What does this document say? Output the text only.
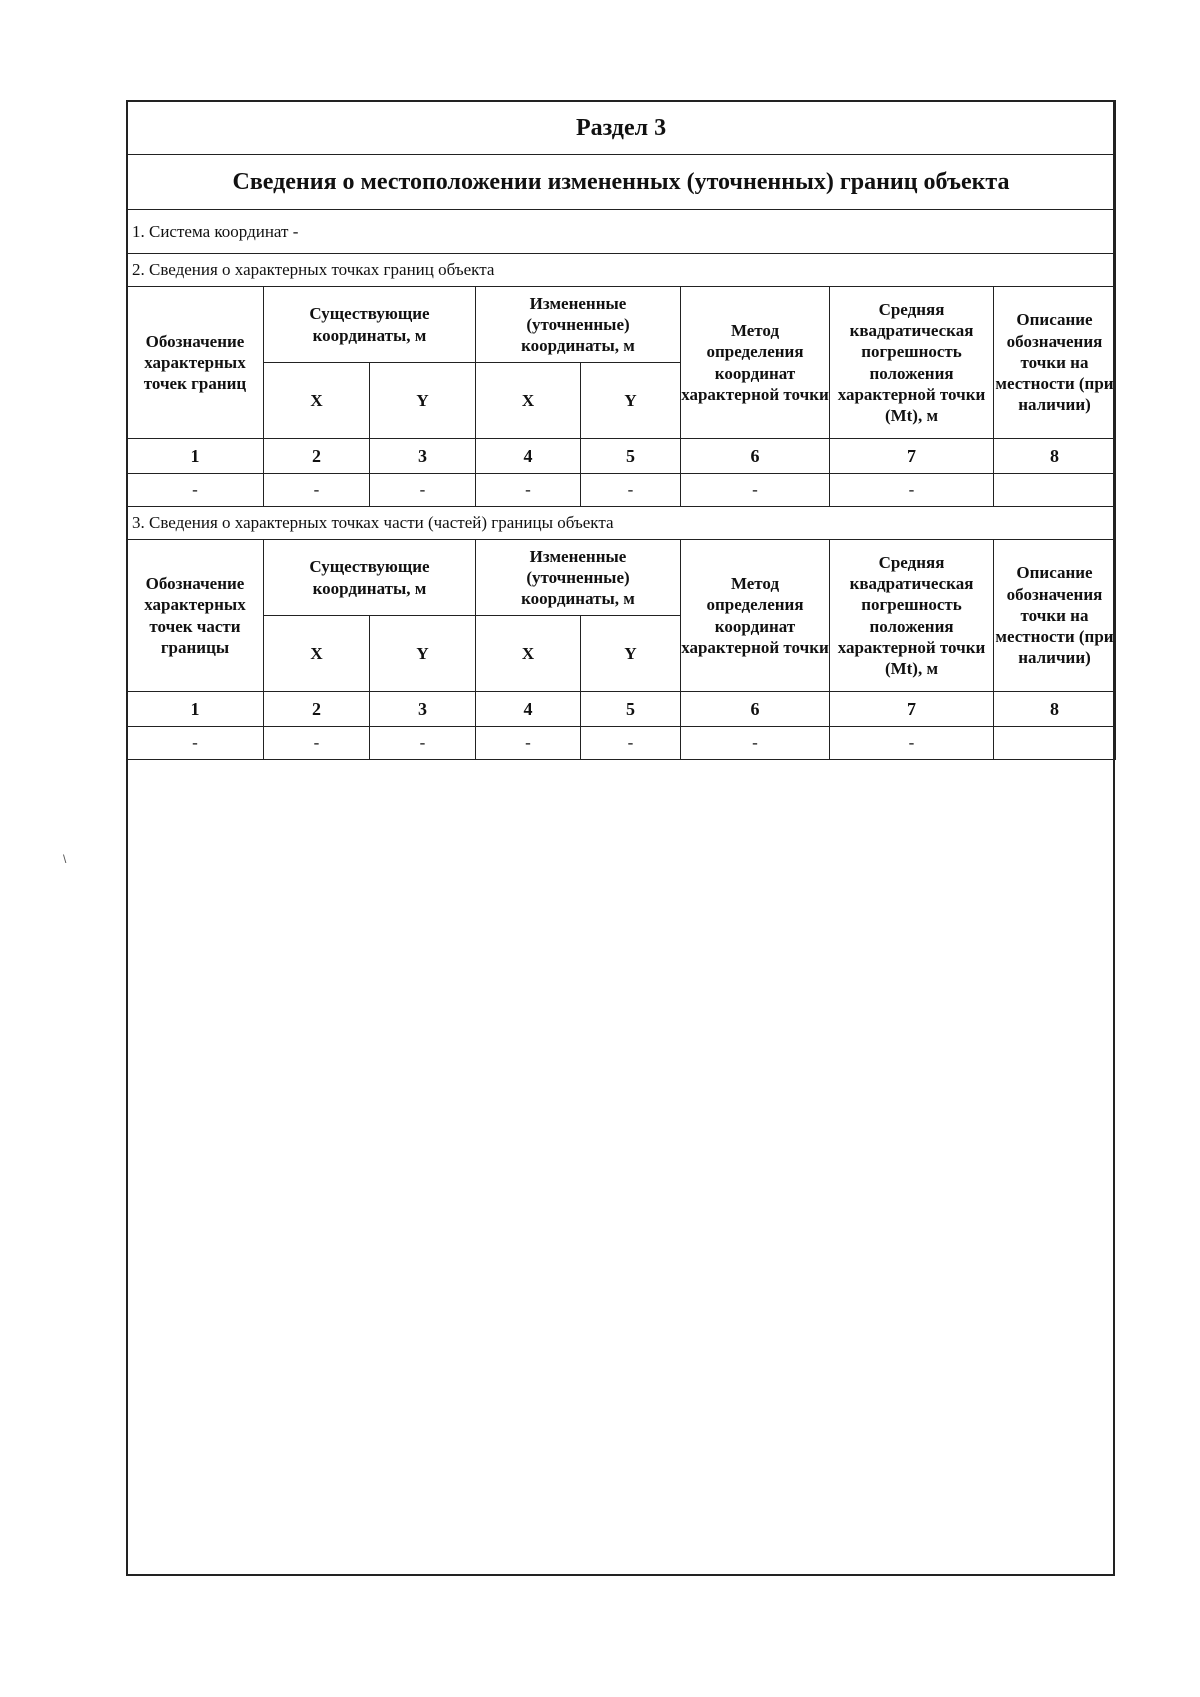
Раздел 3							
Сведения о местоположении измененных (уточненных) границ объекта							
1. Система координат -							
2. Сведения о характерных точках границ объекта							
Обозначение характерных точек границ	Существующие координаты, м		Измененные (уточненные) координаты, м		Метод определения координат характерной точки	Средняя квадратическая погрешность положения характерной точки (Mt), м	Описание обозначения точки на местности (при наличии)
	X	Y	X	Y			
1	2	3	4	5	6	7	8
-	-	-	-	-	-	-	
3. Сведения о характерных точках части (частей) границы объекта							
Обозначение характерных точек части границы	Существующие координаты, м		Измененные (уточненные) координаты, м		Метод определения координат характерной точки	Средняя квадратическая погрешность положения характерной точки (Mt), м	Описание обозначения точки на местности (при наличии)
	X	Y	X	Y			
1	2	3	4	5	6	7	8
-	-	-	-	-	-	-	
\
